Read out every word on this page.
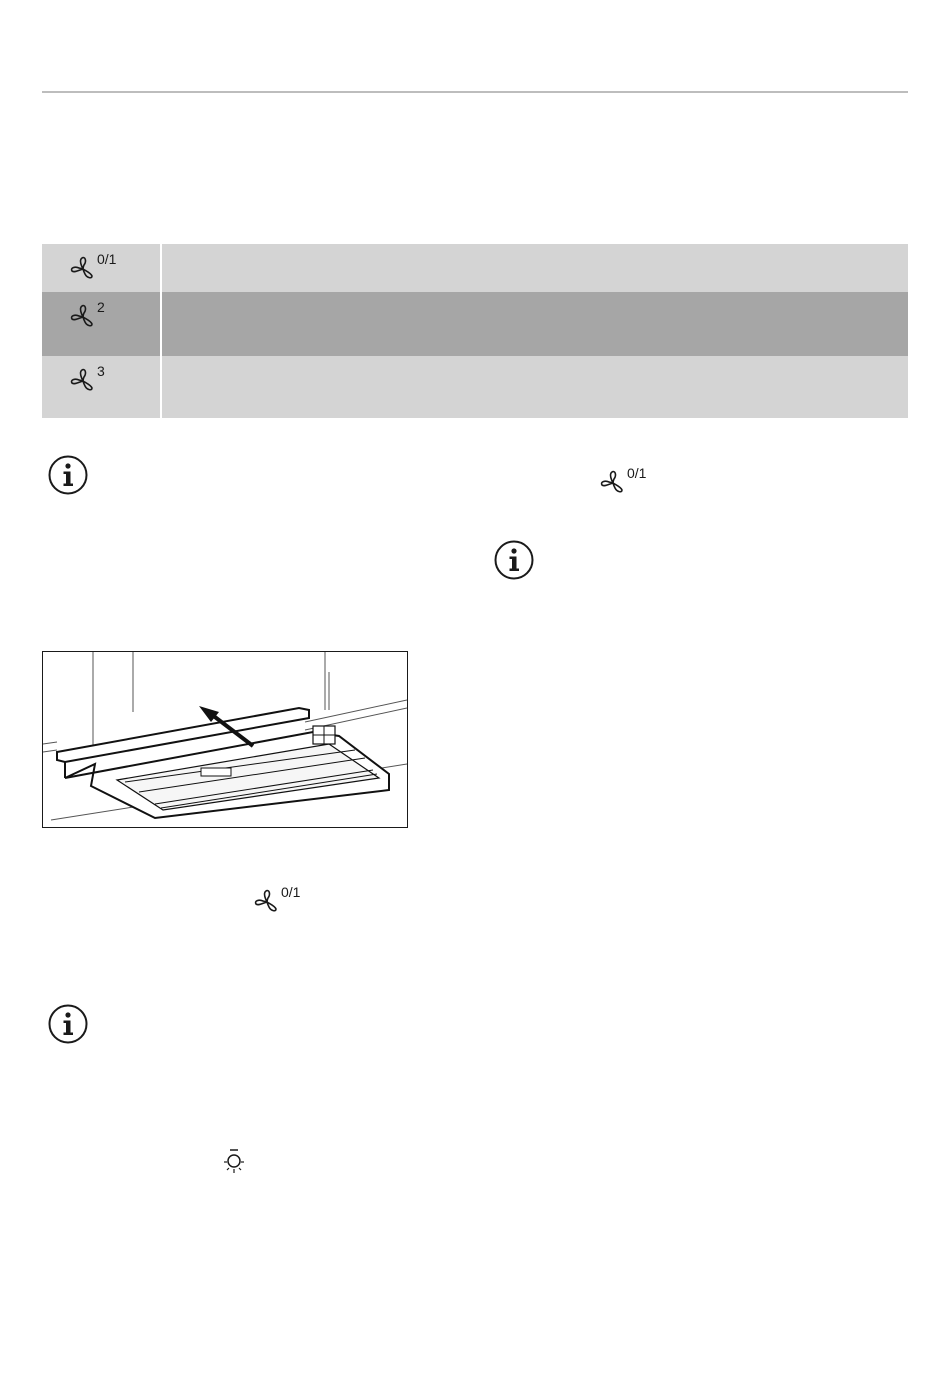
0/1
2
3
0/1
0/1
